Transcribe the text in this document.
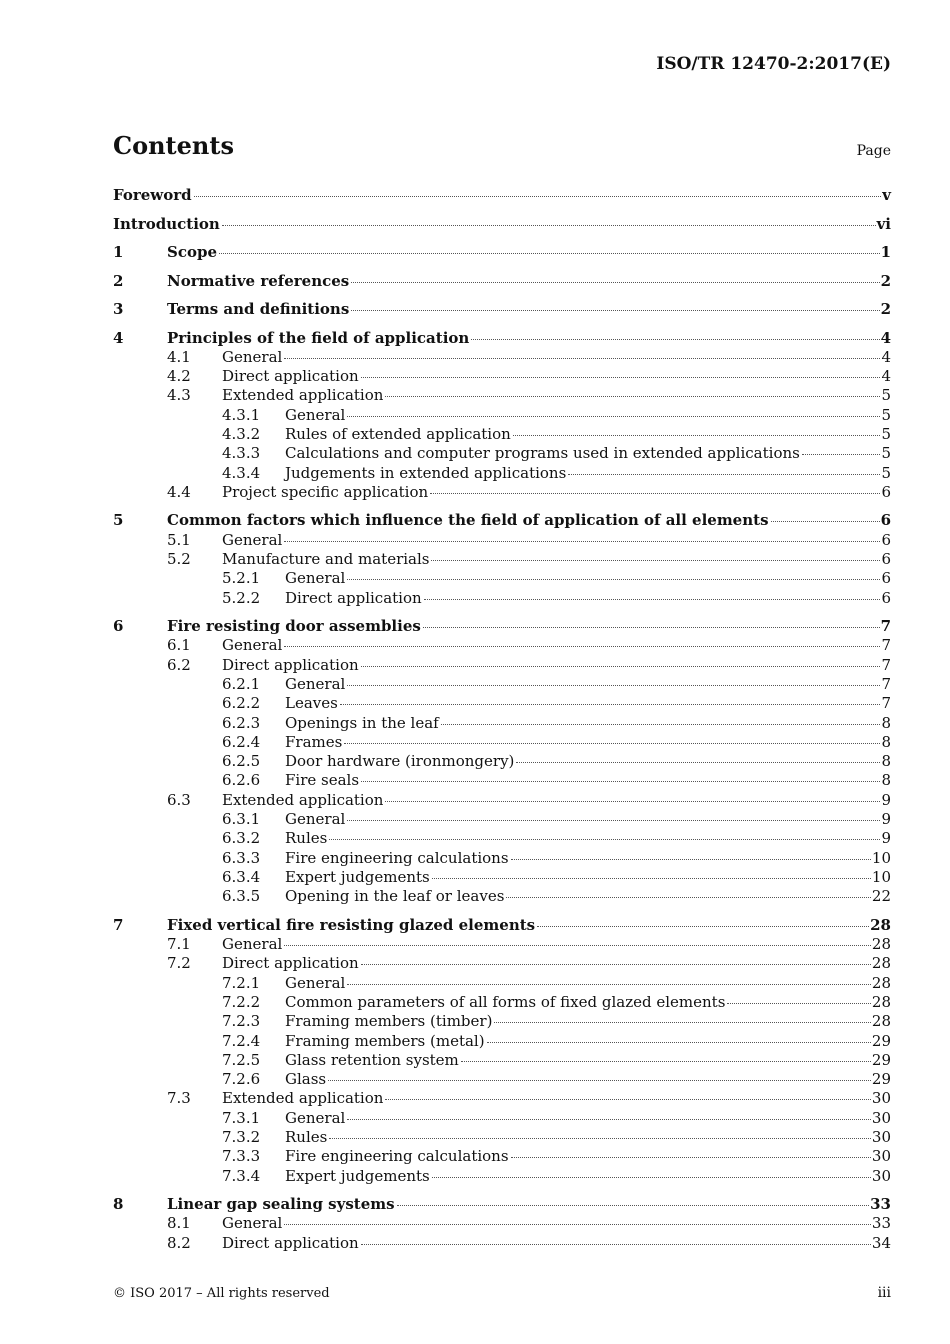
ISO/TR 12470-2:2017(E)
Contents	Page
Foreword	v
Introduction	vi
1	Scope	1
2	Normative references	2
3	Terms and definitions	2
4	Principles of the field of application	4
4.1 General	4
4.2 Direct application	4
4.3 Extended application	5
4.3.1 General	5
4.3.2 Rules of extended application	5
4.3.3 Calculations and computer programs used in extended applications	5
4.3.4 Judgements in extended applications	5
4.4 Project specific application	6
5	Common factors which influence the field of application of all elements	6
5.1 General	6
5.2 Manufacture and materials	6
5.2.1 General	6
5.2.2 Direct application	6
6	Fire resisting door assemblies	7
6.1 General	7
6.2 Direct application	7
6.2.1 General	7
6.2.2 Leaves	7
6.2.3 Openings in the leaf	8
6.2.4 Frames	8
6.2.5 Door hardware (ironmongery)	8
6.2.6 Fire seals	8
6.3 Extended application	9
6.3.1 General	9
6.3.2 Rules	9
6.3.3 Fire engineering calculations	10
6.3.4 Expert judgements	10
6.3.5 Opening in the leaf or leaves	22
7	Fixed vertical fire resisting glazed elements	28
7.1 General	28
7.2 Direct application	28
7.2.1 General	28
7.2.2 Common parameters of all forms of fixed glazed elements	28
7.2.3 Framing members (timber)	28
7.2.4 Framing members (metal)	29
7.2.5 Glass retention system	29
7.2.6 Glass	29
7.3 Extended application	30
7.3.1 General	30
7.3.2 Rules	30
7.3.3 Fire engineering calculations	30
7.3.4 Expert judgements	30
8	Linear gap sealing systems	33
8.1 General	33
8.2 Direct application	34
© ISO 2017 – All rights reserved	iii
